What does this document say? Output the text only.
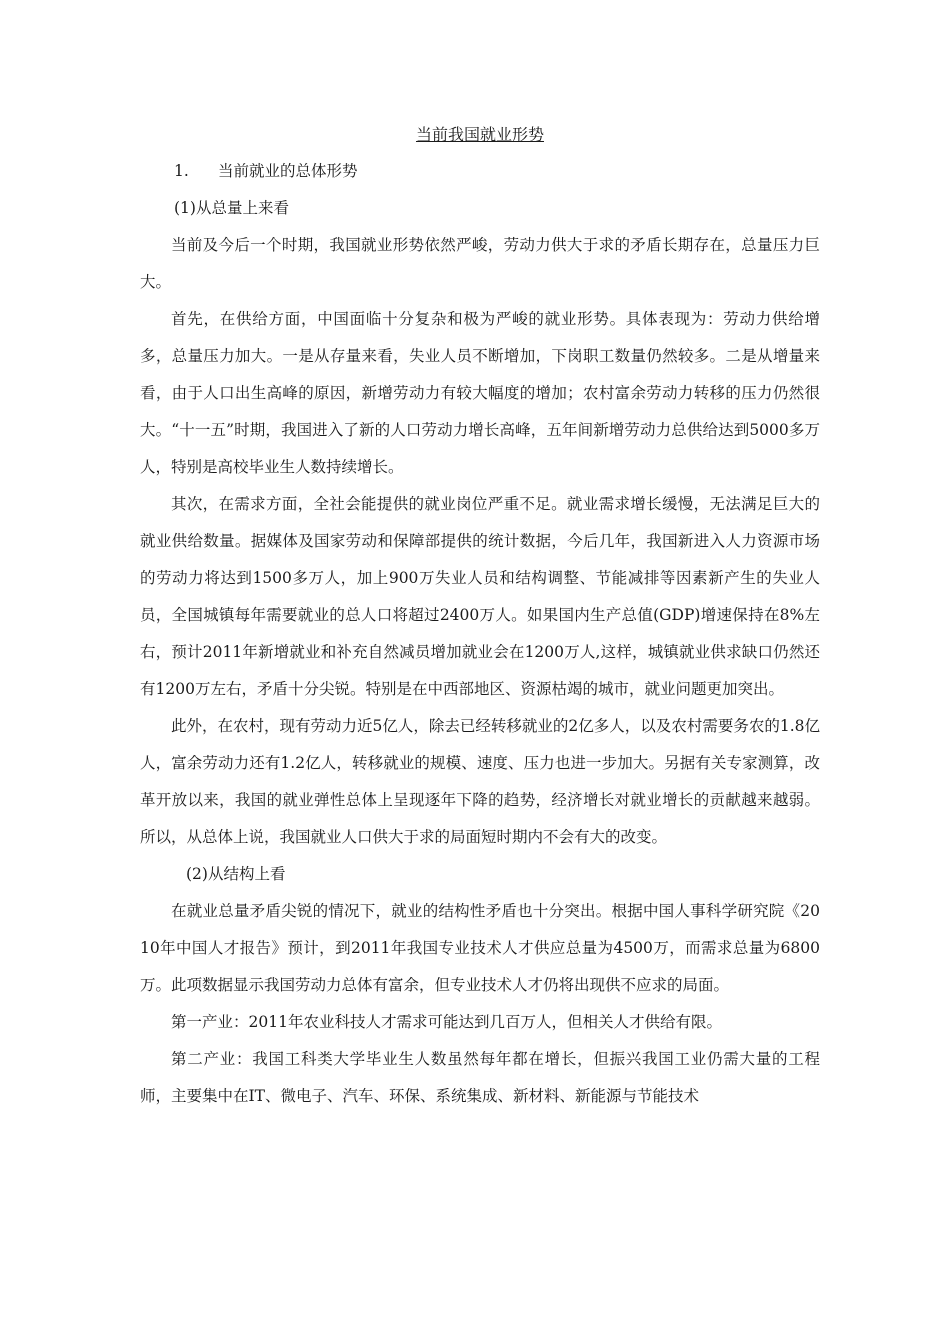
当前我国就业形势
1.	当前就业的总体形势
(1)从总量上来看

当前及今后一个时期，我国就业形势依然严峻，劳动力供大于求的矛盾长期存在，总量压力巨大。

首先，在供给方面，中国面临十分复杂和极为严峻的就业形势。具体表现为：劳动力供给增多，总量压力加大。一是从存量来看，失业人员不断增加，下岗职工数量仍然较多。二是从增量来看，由于人口出生高峰的原因，新增劳动力有较大幅度的增加；农村富余劳动力转移的压力仍然很大。“十一五”时期，我国进入了新的人口劳动力增长高峰，五年间新增劳动力总供给达到5000多万人，特别是高校毕业生人数持续增长。

其次，在需求方面，全社会能提供的就业岗位严重不足。就业需求增长缓慢，无法满足巨大的就业供给数量。据媒体及国家劳动和保障部提供的统计数据，今后几年，我国新进入人力资源市场的劳动力将达到1500多万人，加上900万失业人员和结构调整、节能减排等因素新产生的失业人员，全国城镇每年需要就业的总人口将超过2400万人。如果国内生产总值(GDP)增速保持在8%左右，预计2011年新增就业和补充自然减员增加就业会在1200万人,这样，城镇就业供求缺口仍然还有1200万左右，矛盾十分尖锐。特别是在中西部地区、资源枯竭的城市，就业问题更加突出。

此外，在农村，现有劳动力近5亿人，除去已经转移就业的2亿多人，以及农村需要务农的1.8亿人，富余劳动力还有1.2亿人，转移就业的规模、速度、压力也进一步加大。另据有关专家测算，改革开放以来，我国的就业弹性总体上呈现逐年下降的趋势，经济增长对就业增长的贡献越来越弱。所以，从总体上说，我国就业人口供大于求的局面短时期内不会有大的改变。

(2)从结构上看

在就业总量矛盾尖锐的情况下，就业的结构性矛盾也十分突出。根据中国人事科学研究院《2010年中国人才报告》预计，到2011年我国专业技术人才供应总量为4500万，而需求总量为6800万。此项数据显示我国劳动力总体有富余，但专业技术人才仍将出现供不应求的局面。

第一产业：2011年农业科技人才需求可能达到几百万人，但相关人才供给有限。

第二产业：我国工科类大学毕业生人数虽然每年都在增长，但振兴我国工业仍需大量的工程师，主要集中在IT、微电子、汽车、环保、系统集成、新材料、新能源与节能技术
